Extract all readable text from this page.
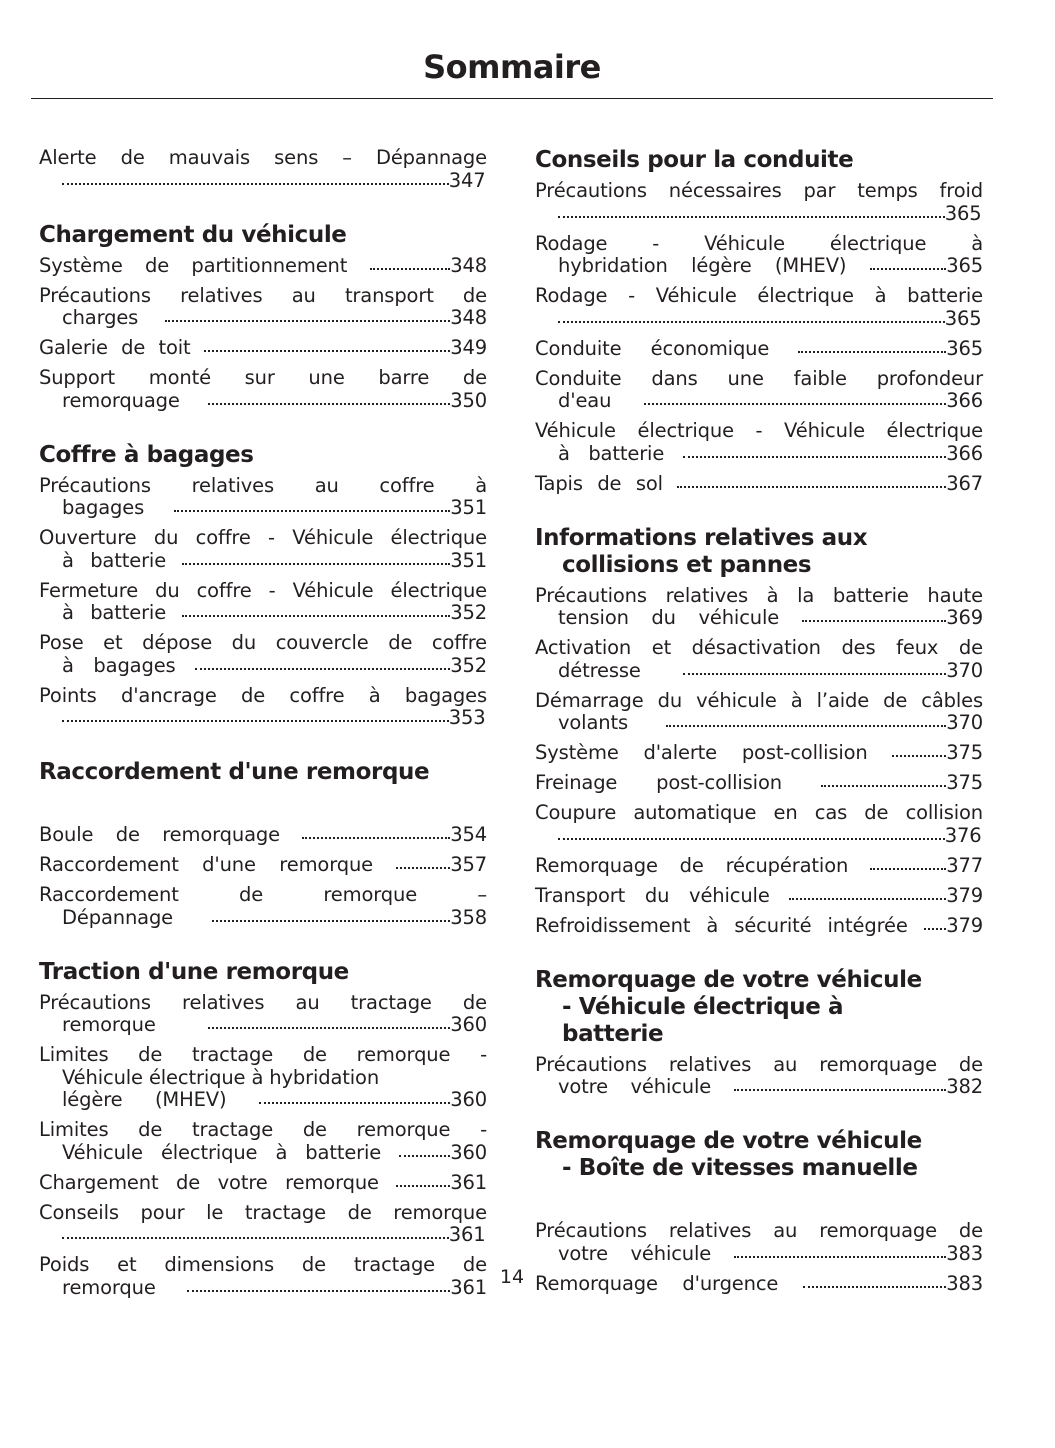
Sommaire
Alerte de mauvais sens – Dépannage
347
Chargement du véhicule
Système de partitionnement	348
Précautions relatives au transport de
charges	348
Galerie de toit	349
Support monté sur une barre de
remorquage	350
Coffre à bagages
Précautions relatives au coffre à
bagages	351
Ouverture du coffre - Véhicule électrique
à batterie	351
Fermeture du coffre - Véhicule électrique
à batterie	352
Pose et dépose du couvercle de coffre
à bagages	352
Points d'ancrage de coffre à bagages
353
Raccordement d'une remorque
Boule de remorquage	354
Raccordement d'une remorque	357
Raccordement de remorque –
Dépannage	358
Traction d'une remorque
Précautions relatives au tractage de
remorque	360
Limites de tractage de remorque -
Véhicule électrique à hybridation
légère (MHEV)	360
Limites de tractage de remorque -
Véhicule électrique à batterie	360
Chargement de votre remorque	361
Conseils pour le tractage de remorque
361
Poids et dimensions de tractage de
remorque	361
Conseils pour la conduite
Précautions nécessaires par temps froid
365
Rodage - Véhicule électrique à
hybridation légère (MHEV)	365
Rodage - Véhicule électrique à batterie
365
Conduite économique	365
Conduite dans une faible profondeur
d'eau	366
Véhicule électrique - Véhicule électrique
à batterie	366
Tapis de sol	367
Informations relatives aux
collisions et pannes
Précautions relatives à la batterie haute
tension du véhicule	369
Activation et désactivation des feux de
détresse	370
Démarrage du véhicule à l’aide de câbles
volants	370
Système d'alerte post-collision	375
Freinage post-collision	375
Coupure automatique en cas de collision
376
Remorquage de récupération	377
Transport du véhicule	379
Refroidissement à sécurité intégrée 379
Remorquage de votre véhicule
- Véhicule électrique à
batterie
Précautions relatives au remorquage de
votre véhicule	382
Remorquage de votre véhicule
- Boîte de vitesses manuelle
Précautions relatives au remorquage de
votre véhicule	383
Remorquage d'urgence	383
14
